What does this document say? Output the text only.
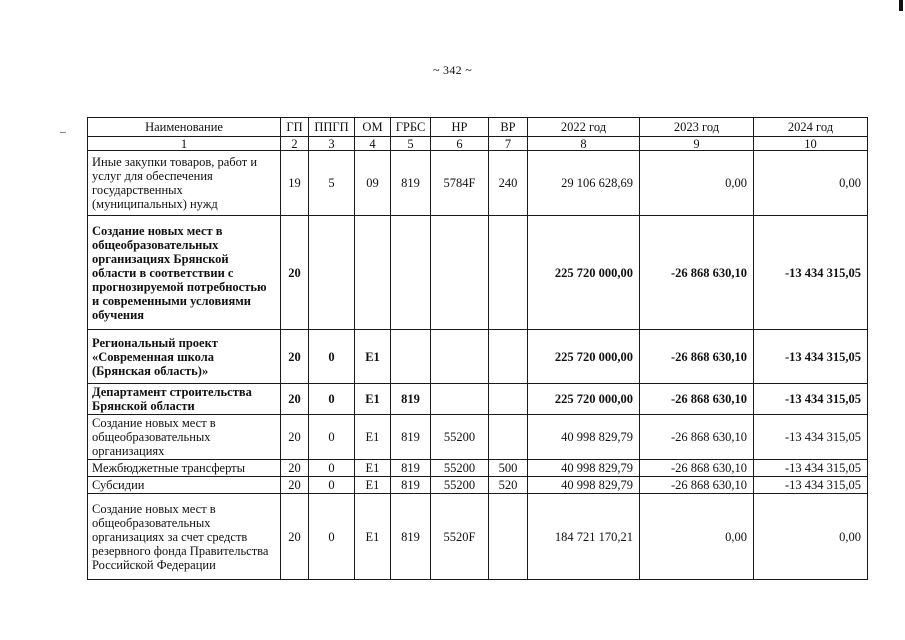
~ 342 ~
Наименование	ГП	ППГП	ОМ	ГРБС	НР	ВР	2022 год	2023 год	2024 год
1	2	3	4	5	6	7	8	9	10
Иные закупки товаров, работ и услуг для обеспечения государственных (муниципальных) нужд	19	5	09	819	5784F	240	29 106 628,69	0,00	0,00
Создание новых мест в общеобразовательных организациях Брянской области в соответствии с прогнозируемой потребностью и современными условиями обучения	20						225 720 000,00	-26 868 630,10	-13 434 315,05
Региональный проект «Современная школа (Брянская область)»	20	0	E1				225 720 000,00	-26 868 630,10	-13 434 315,05
Департамент строительства Брянской области	20	0	E1	819			225 720 000,00	-26 868 630,10	-13 434 315,05
Создание новых мест в общеобразовательных организациях	20	0	E1	819	55200		40 998 829,79	-26 868 630,10	-13 434 315,05
Межбюджетные трансферты	20	0	E1	819	55200	500	40 998 829,79	-26 868 630,10	-13 434 315,05
Субсидии	20	0	E1	819	55200	520	40 998 829,79	-26 868 630,10	-13 434 315,05
Создание новых мест в общеобразовательных организациях за счет средств резервного фонда Правительства Российской Федерации	20	0	E1	819	5520F		184 721 170,21	0,00	0,00
